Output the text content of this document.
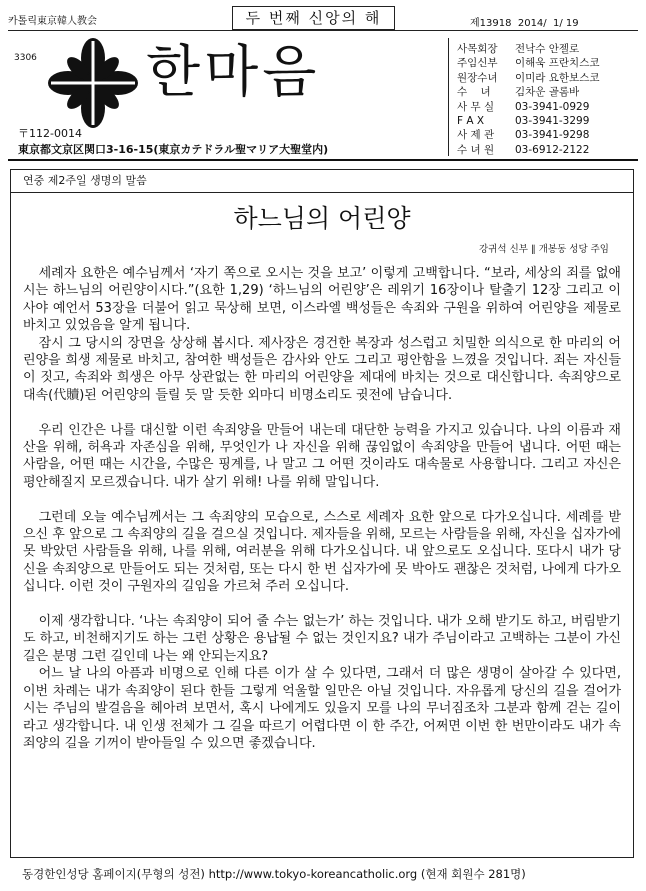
카톨릭東京韓人教会	두 번째 신앙의 해	제13918 2014/  1/ 19
3306 한마음	사목회장 전낙수 안젤로
주임신부 이해욱 프란치스코
원장수녀 이미라 요한보스코
수    녀 김차운 골롬바
사 무 실 03-3941-0929
F A X	03-3941-3299
사 제 관 03-3941-9298
수 녀 원 03-6912-2122
〒112-0014
東京都文京区関口3-16-15(東京カテドラル聖マリア大聖堂内)
연중 제2주일 생명의 말씀
하느님의 어린양
강귀석 신부 ∥ 개봉동 성당 주임

세례자 요한은 예수님께서 ‘자기 쪽으로 오시는 것을 보고’ 이렇게 고백합니다. “보라, 세상의 죄를 없애시는 하느님의 어린양이시다.”(요한 1,29) ‘하느님의 어린양’은 레위기 16장이나 탈출기 12장 그리고 이사야 예언서 53장을 더불어 읽고 묵상해 보면, 이스라엘 백성들은 속죄와 구원을 위하여 어린양을 제물로 바치고 있었음을 알게 됩니다.

잠시 그 당시의 장면을 상상해 봅시다. 제사장은 경건한 복장과 성스럽고 치밀한 의식으로 한 마리의 어린양을 희생 제물로 바치고, 참여한 백성들은 감사와 안도 그리고 평안함을 느꼈을 것입니다. 죄는 자신들이 짓고, 속죄와 희생은 아무 상관없는 한 마리의 어린양을 제대에 바치는 것으로 대신합니다. 속죄양으로 대속(代贖)된 어린양의 들릴 듯 말 듯한 외마디 비명소리도 귓전에 남습니다.

우리 인간은 나를 대신할 이런 속죄양을 만들어 내는데 대단한 능력을 가지고 있습니다. 나의 이름과 재산을 위해, 허욕과 자존심을 위해, 무엇인가 나 자신을 위해 끊임없이 속죄양을 만들어 냅니다. 어떤 때는 사람을, 어떤 때는 시간을, 수많은 핑계를, 나 말고 그 어떤 것이라도 대속물로 사용합니다. 그리고 자신은 평안해질지 모르겠습니다. 내가 살기 위해! 나를 위해 말입니다.

그런데 오늘 예수님께서는 그 속죄양의 모습으로, 스스로 세례자 요한 앞으로 다가오십니다. 세례를 받으신 후 앞으로 그 속죄양의 길을 걸으실 것입니다. 제자들을 위해, 모르는 사람들을 위해, 자신을 십자가에 못 박았던 사람들을 위해, 나를 위해, 여러분을 위해 다가오십니다. 내 앞으로도 오십니다. 또다시 내가 당신을 속죄양으로 만들어도 되는 것처럼, 또는 다시 한 번 십자가에 못 박아도 괜찮은 것처럼, 나에게 다가오십니다. 이런 것이 구원자의 길임을 가르쳐 주러 오십니다.

이제 생각합니다. ‘나는 속죄양이 되어 줄 수는 없는가’ 하는 것입니다. 내가 오해 받기도 하고, 버림받기도 하고, 비천해지기도 하는 그런 상황은 용납될 수 없는 것인지요? 내가 주님이라고 고백하는 그분이 가신 길은 분명 그런 길인데 나는 왜 안되는지요?

어느 날 나의 아픔과 비명으로 인해 다른 이가 살 수 있다면, 그래서 더 많은 생명이 살아갈 수 있다면, 이번 차례는 내가 속죄양이 된다 한들 그렇게 억울할 일만은 아닐 것입니다. 자유롭게 당신의 길을 걸어가시는 주님의 발걸음을 헤아려 보면서, 혹시 나에게도 있을지 모를 나의 무너짐조차 그분과 함께 걷는 길이라고 생각합니다. 내 인생 전체가 그 길을 따르기 어렵다면 이 한 주간, 어쩌면 이번 한 번만이라도 내가 속죄양의 길을 기꺼이 받아들일 수 있으면 좋겠습니다.

동경한인성당 홈페이지(무형의 성전) http://www.tokyo-koreancatholic.org (현재 회원수 281명)
